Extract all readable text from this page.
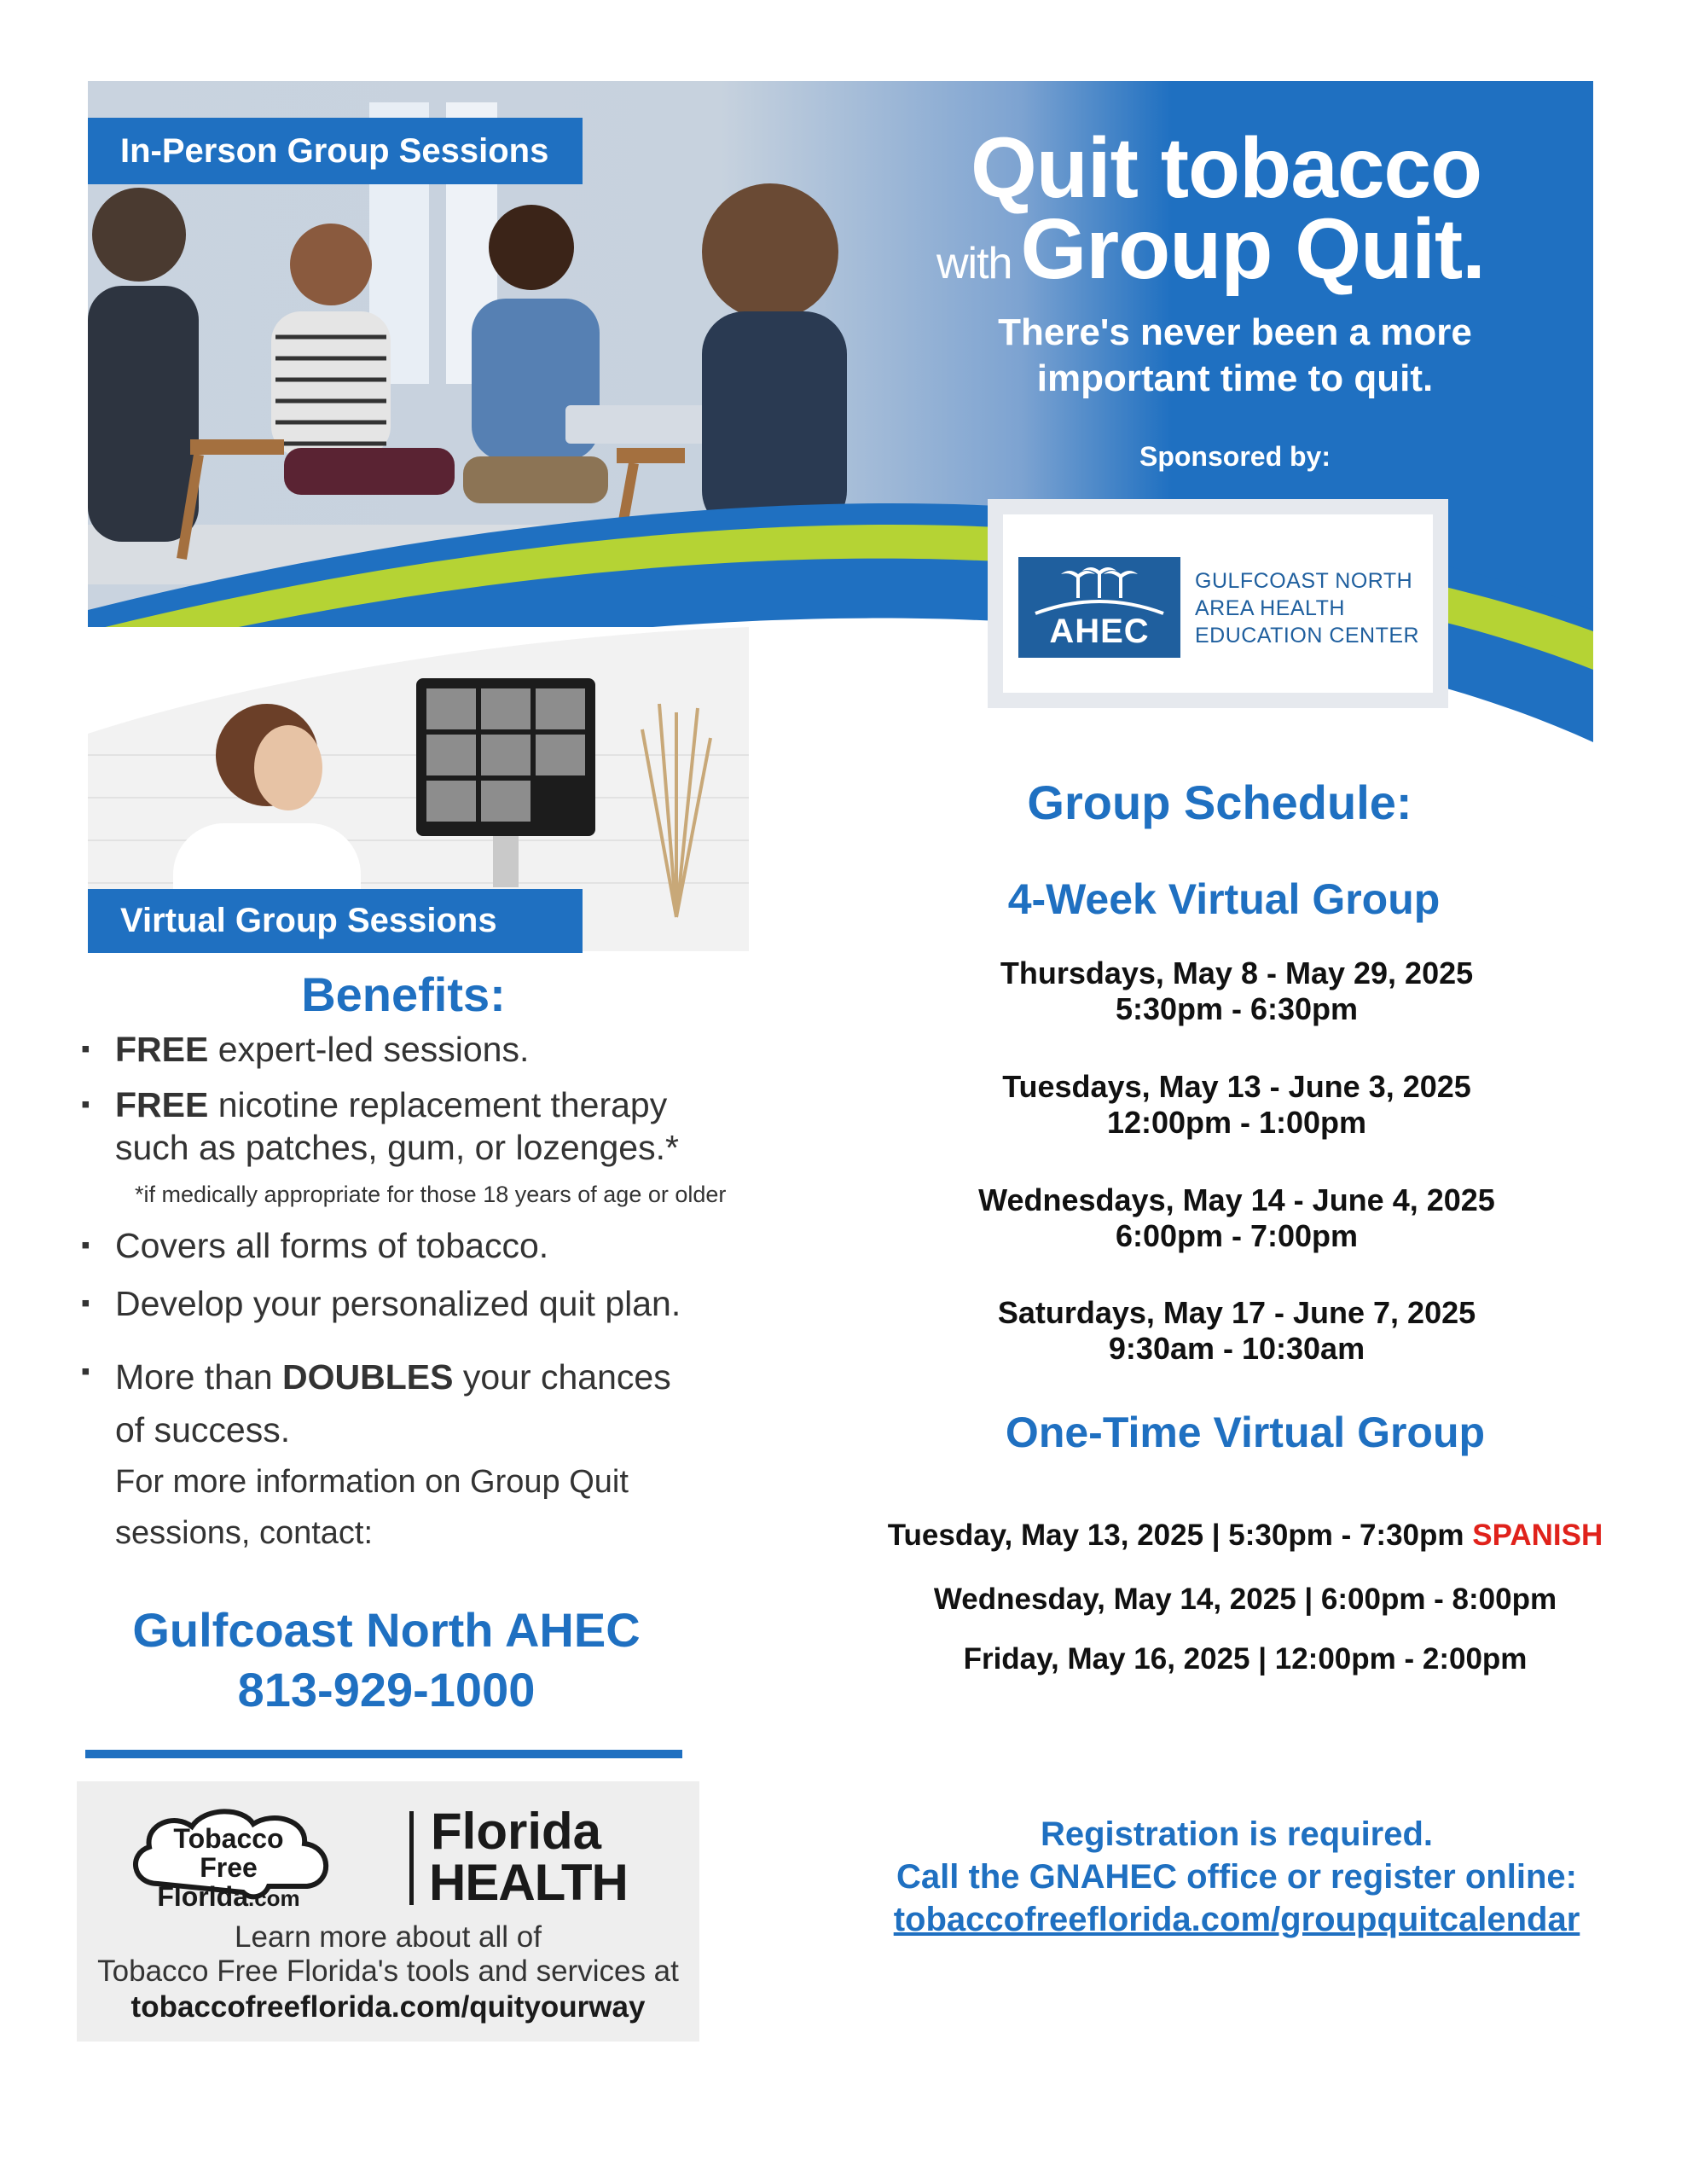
In-Person Group Sessions	Quit tobacco
with Group Quit.
There's never been a more important time to quit.
Sponsored by:
AHEC
GULFCOAST NORTH
AREA HEALTH
EDUCATION CENTER
Virtual Group Sessions
Benefits:
▪ FREE expert-led sessions.
▪ FREE nicotine replacement therapy
such as patches, gum, or lozenges.*
*if medically appropriate for those 18 years of age or older
▪ Covers all forms of tobacco.
▪ Develop your personalized quit plan.
▪ More than DOUBLES your chances
of success.
For more information on Group Quit
sessions, contact:
Gulfcoast North AHEC
813-929-1000
Tobacco Free
Florida.com
Florida
HEALTH
Learn more about all of
Tobacco Free Florida's tools and services at
tobaccofreeflorida.com/quityourway
Group Schedule:
4-Week Virtual Group
Thursdays, May 8 - May 29, 2025
5:30pm - 6:30pm
Tuesdays, May 13 - June 3, 2025
12:00pm - 1:00pm
Wednesdays, May 14 - June 4, 2025
6:00pm - 7:00pm
Saturdays, May 17 - June 7, 2025
9:30am - 10:30am
One-Time Virtual Group
Tuesday, May 13, 2025 | 5:30pm - 7:30pm SPANISH
Wednesday, May 14, 2025 | 6:00pm - 8:00pm
Friday, May 16, 2025 | 12:00pm - 2:00pm
Registration is required.
Call the GNAHEC office or register online:
tobaccofreeflorida.com/groupquitcalendar
